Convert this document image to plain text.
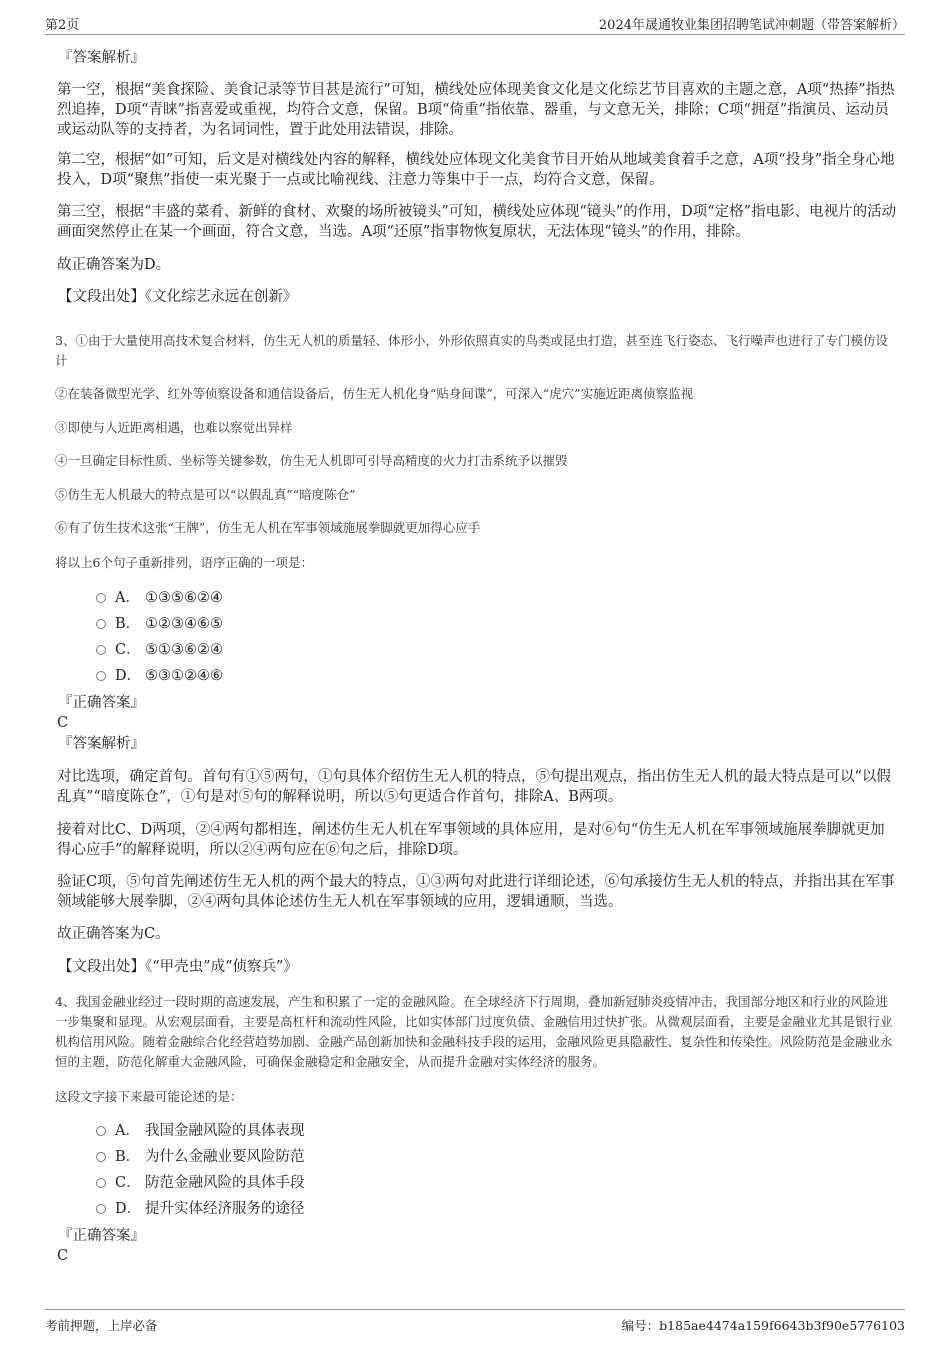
第2页	2024年晟通牧业集团招聘笔试冲刺题（带答案解析）
『答案解析』
第一空，根据“美食探险、美食记录等节目甚是流行”可知，横线处应体现美食文化是文化综艺节目喜欢的主题之意，A项“热捧”指热烈追捧，D项“青睐”指喜爱或重视，均符合文意，保留。B项“倚重”指依靠、器重，与文意无关，排除；C项“拥趸”指演员、运动员或运动队等的支持者，为名词词性，置于此处用法错误，排除。
第二空，根据“如”可知，后文是对横线处内容的解释，横线处应体现文化美食节目开始从地域美食着手之意，A项“投身”指全身心地投入，D项“聚焦”指使一束光聚于一点或比喻视线、注意力等集中于一点，均符合文意，保留。
第三空，根据“丰盛的菜肴、新鲜的食材、欢聚的场所被镜头”可知，横线处应体现“镜头”的作用，D项“定格”指电影、电视片的活动画面突然停止在某一个画面，符合文意，当选。A项“还原”指事物恢复原状，无法体现“镜头”的作用，排除。
故正确答案为D。
【文段出处】《文化综艺永远在创新》
3、①由于大量使用高技术复合材料，仿生无人机的质量轻、体形小，外形依照真实的鸟类或昆虫打造，甚至连飞行姿态、飞行噪声也进行了专门模仿设计
②在装备微型光学、红外等侦察设备和通信设备后，仿生无人机化身“贴身间谍”，可深入“虎穴”实施近距离侦察监视
③即使与人近距离相遇，也难以察觉出异样
④一旦确定目标性质、坐标等关键参数，仿生无人机即可引导高精度的火力打击系统予以摧毁
⑤仿生无人机最大的特点是可以“以假乱真”“暗度陈仓”
⑥有了仿生技术这张“王牌”，仿生无人机在军事领域施展拳脚就更加得心应手
将以上6个句子重新排列，语序正确的一项是：
A． ①③⑤⑥②④
B． ①②③④⑥⑤
C． ⑤①③⑥②④
D． ⑤③①②④⑥
『正确答案』
C
『答案解析』
对比选项，确定首句。首句有①⑤两句，①句具体介绍仿生无人机的特点，⑤句提出观点，指出仿生无人机的最大特点是可以“以假乱真”“暗度陈仓”，①句是对⑤句的解释说明，所以⑤句更适合作首句，排除A、B两项。
接着对比C、D两项，②④两句都相连，阐述仿生无人机在军事领域的具体应用，是对⑥句“仿生无人机在军事领域施展拳脚就更加得心应手”的解释说明，所以②④两句应在⑥句之后，排除D项。
验证C项，⑤句首先阐述仿生无人机的两个最大的特点，①③两句对此进行详细论述，⑥句承接仿生无人机的特点，并指出其在军事领域能够大展拳脚，②④两句具体论述仿生无人机在军事领域的应用，逻辑通顺，当选。
故正确答案为C。
【文段出处】《“甲壳虫”成“侦察兵”》
4、我国金融业经过一段时期的高速发展，产生和积累了一定的金融风险。在全球经济下行周期，叠加新冠肺炎疫情冲击，我国部分地区和行业的风险进一步集聚和显现。从宏观层面看，主要是高杠杆和流动性风险，比如实体部门过度负债、金融信用过快扩张。从微观层面看，主要是金融业尤其是银行业机构信用风险。随着金融综合化经营趋势加剧、金融产品创新加快和金融科技手段的运用，金融风险更具隐蔽性、复杂性和传染性。风险防范是金融业永恒的主题，防范化解重大金融风险，可确保金融稳定和金融安全，从而提升金融对实体经济的服务。
这段文字接下来最可能论述的是：
A． 我国金融风险的具体表现
B． 为什么金融业要风险防范
C． 防范金融风险的具体手段
D． 提升实体经济服务的途径
『正确答案』
C
考前押题，上岸必备	编号：b185ae4474a159f6643b3f90e5776103
